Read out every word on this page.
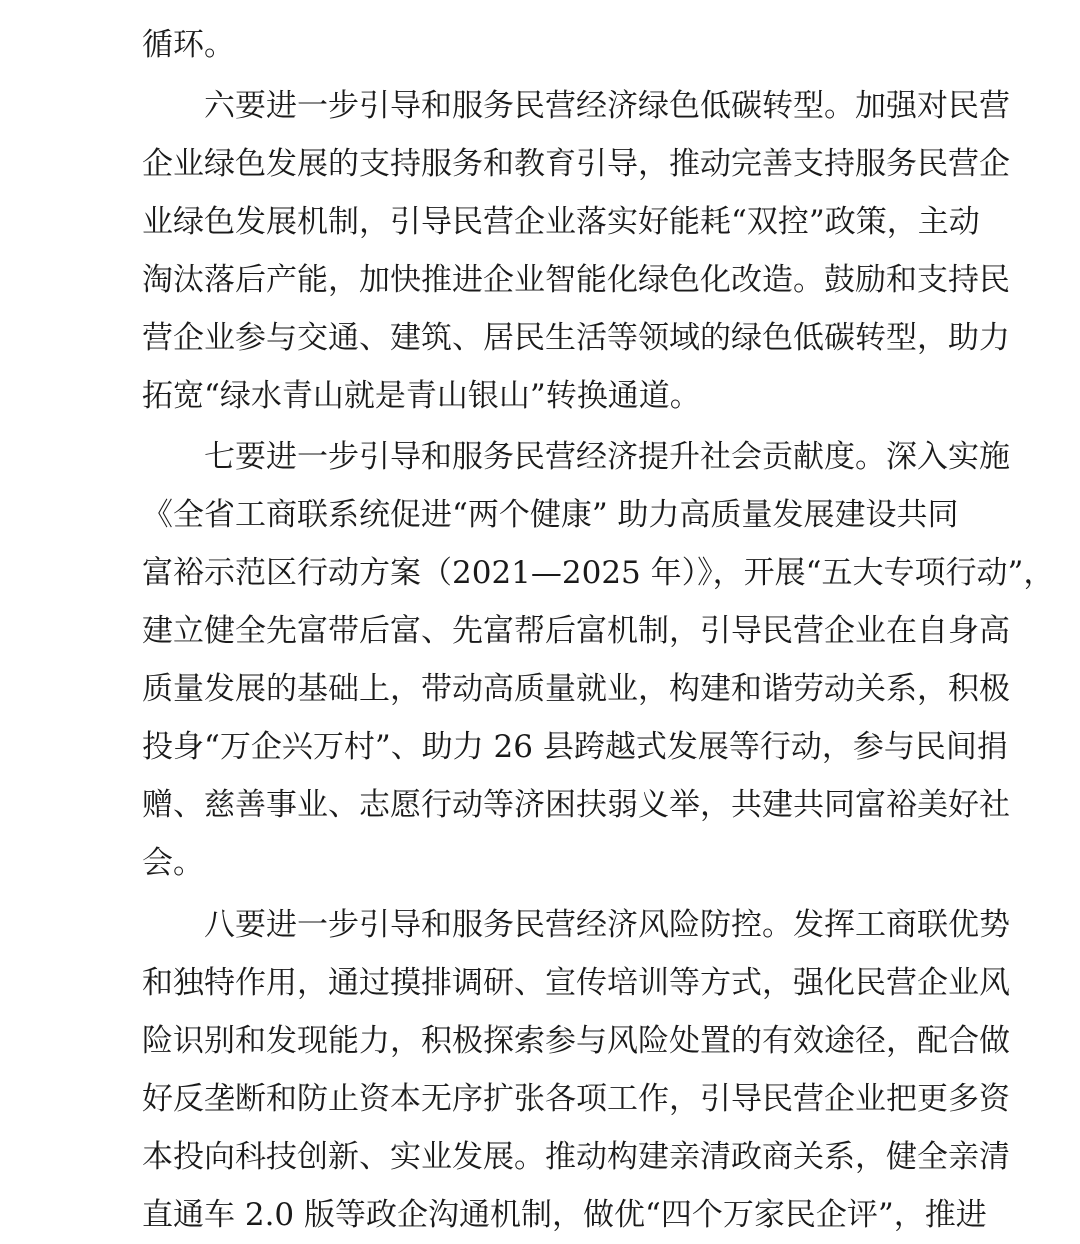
循环。
六要进一步引导和服务民营经济绿色低碳转型。加强对民营
企业绿色发展的支持服务和教育引导，推动完善支持服务民营企
业绿色发展机制，引导民营企业落实好能耗“双控”政策，主动
淘汰落后产能，加快推进企业智能化绿色化改造。鼓励和支持民
营企业参与交通、建筑、居民生活等领域的绿色低碳转型，助力
拓宽“绿水青山就是青山银山”转换通道。
七要进一步引导和服务民营经济提升社会贡献度。深入实施
《全省工商联系统促进“两个健康” 助力高质量发展建设共同
富裕示范区行动方案（2021—2025 年）》，开展“五大专项行动”，
建立健全先富带后富、先富帮后富机制，引导民营企业在自身高
质量发展的基础上，带动高质量就业，构建和谐劳动关系，积极
投身“万企兴万村”、助力 26 县跨越式发展等行动，参与民间捐
赠、慈善事业、志愿行动等济困扶弱义举，共建共同富裕美好社
会。
八要进一步引导和服务民营经济风险防控。发挥工商联优势
和独特作用，通过摸排调研、宣传培训等方式，强化民营企业风
险识别和发现能力，积极探索参与风险处置的有效途径，配合做
好反垄断和防止资本无序扩张各项工作，引导民营企业把更多资
本投向科技创新、实业发展。推动构建亲清政商关系，健全亲清
直通车 2.0 版等政企沟通机制，做优“四个万家民企评”，推进
